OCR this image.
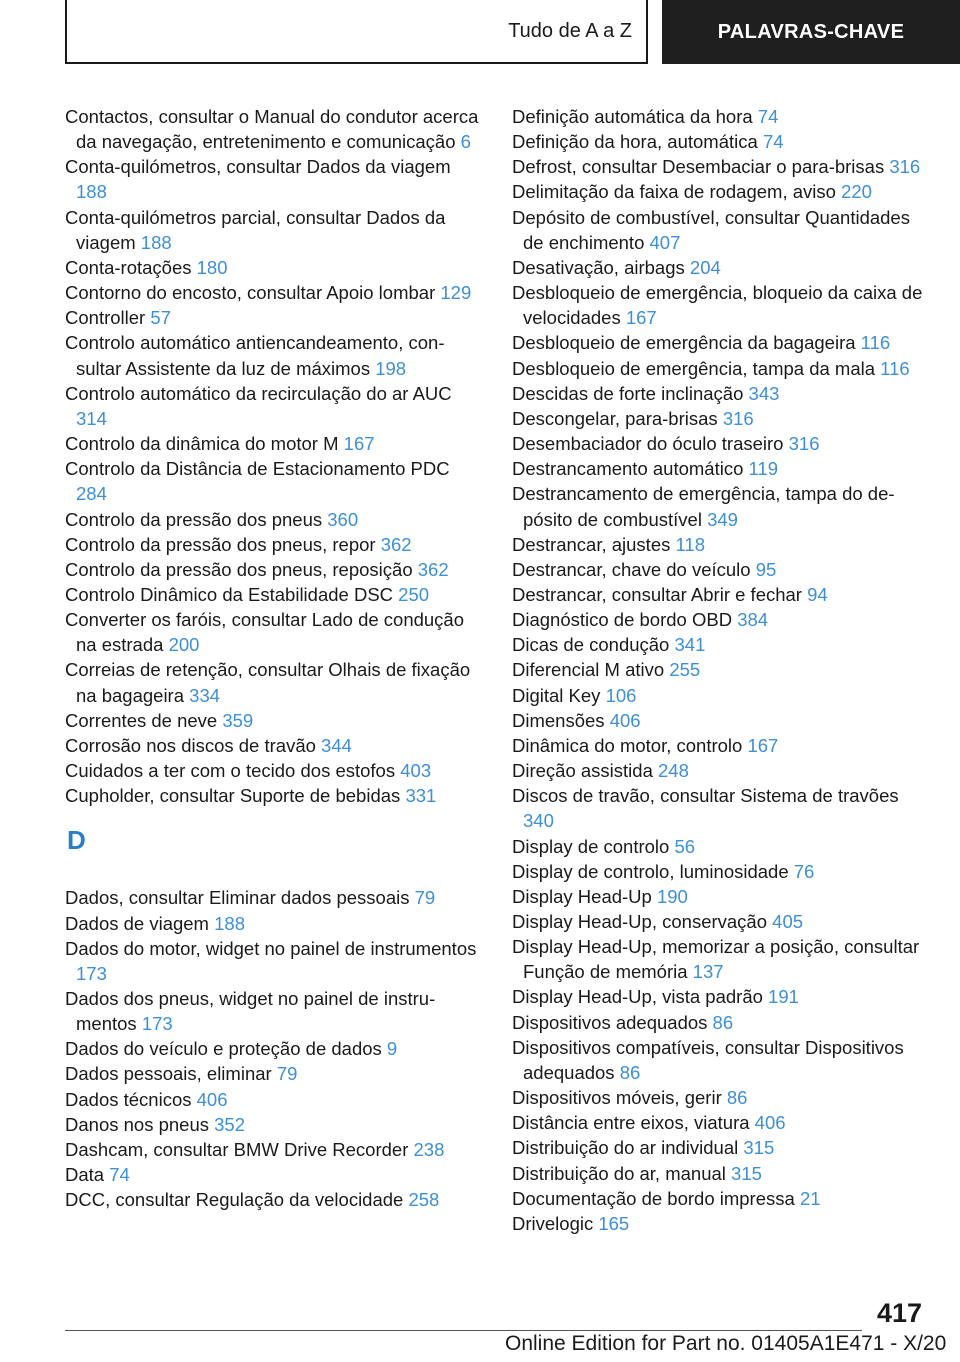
Tudo de A a Z	PALAVRAS-CHAVE
Contactos, consultar o Manual do condutor acerca da navegação, entretenimento e comunicação 6
Conta-quilómetros, consultar Dados da viagem 188
Conta-quilómetros parcial, consultar Dados da viagem 188
Conta-rotações 180
Contorno do encosto, consultar Apoio lombar 129
Controller 57
Controlo automático antiencandeamento, consultar Assistente da luz de máximos 198
Controlo automático da recirculação do ar AUC 314
Controlo da dinâmica do motor M 167
Controlo da Distância de Estacionamento PDC 284
Controlo da pressão dos pneus 360
Controlo da pressão dos pneus, repor 362
Controlo da pressão dos pneus, reposição 362
Controlo Dinâmico da Estabilidade DSC 250
Converter os faróis, consultar Lado de condução na estrada 200
Correias de retenção, consultar Olhais de fixação na bagageira 334
Correntes de neve 359
Corrosão nos discos de travão 344
Cuidados a ter com o tecido dos estofos 403
Cupholder, consultar Suporte de bebidas 331
D
Dados, consultar Eliminar dados pessoais 79
Dados de viagem 188
Dados do motor, widget no painel de instrumentos 173
Dados dos pneus, widget no painel de instrumentos 173
Dados do veículo e proteção de dados 9
Dados pessoais, eliminar 79
Dados técnicos 406
Danos nos pneus 352
Dashcam, consultar BMW Drive Recorder 238
Data 74
DCC, consultar Regulação da velocidade 258
Definição automática da hora 74
Definição da hora, automática 74
Defrost, consultar Desembaciar o para-brisas 316
Delimitação da faixa de rodagem, aviso 220
Depósito de combustível, consultar Quantidades de enchimento 407
Desativação, airbags 204
Desbloqueio de emergência, bloqueio da caixa de velocidades 167
Desbloqueio de emergência da bagageira 116
Desbloqueio de emergência, tampa da mala 116
Descidas de forte inclinação 343
Descongelar, para-brisas 316
Desembaciador do óculo traseiro 316
Destrancamento automático 119
Destrancamento de emergência, tampa do depósito de combustível 349
Destrancar, ajustes 118
Destrancar, chave do veículo 95
Destrancar, consultar Abrir e fechar 94
Diagnóstico de bordo OBD 384
Dicas de condução 341
Diferencial M ativo 255
Digital Key 106
Dimensões 406
Dinâmica do motor, controlo 167
Direção assistida 248
Discos de travão, consultar Sistema de travões 340
Display de controlo 56
Display de controlo, luminosidade 76
Display Head-Up 190
Display Head-Up, conservação 405
Display Head-Up, memorizar a posição, consultar Função de memória 137
Display Head-Up, vista padrão 191
Dispositivos adequados 86
Dispositivos compatíveis, consultar Dispositivos adequados 86
Dispositivos móveis, gerir 86
Distância entre eixos, viatura 406
Distribuição do ar individual 315
Distribuição do ar, manual 315
Documentação de bordo impressa 21
Drivelogic 165
417
Online Edition for Part no. 01405A1E471 - X/20
